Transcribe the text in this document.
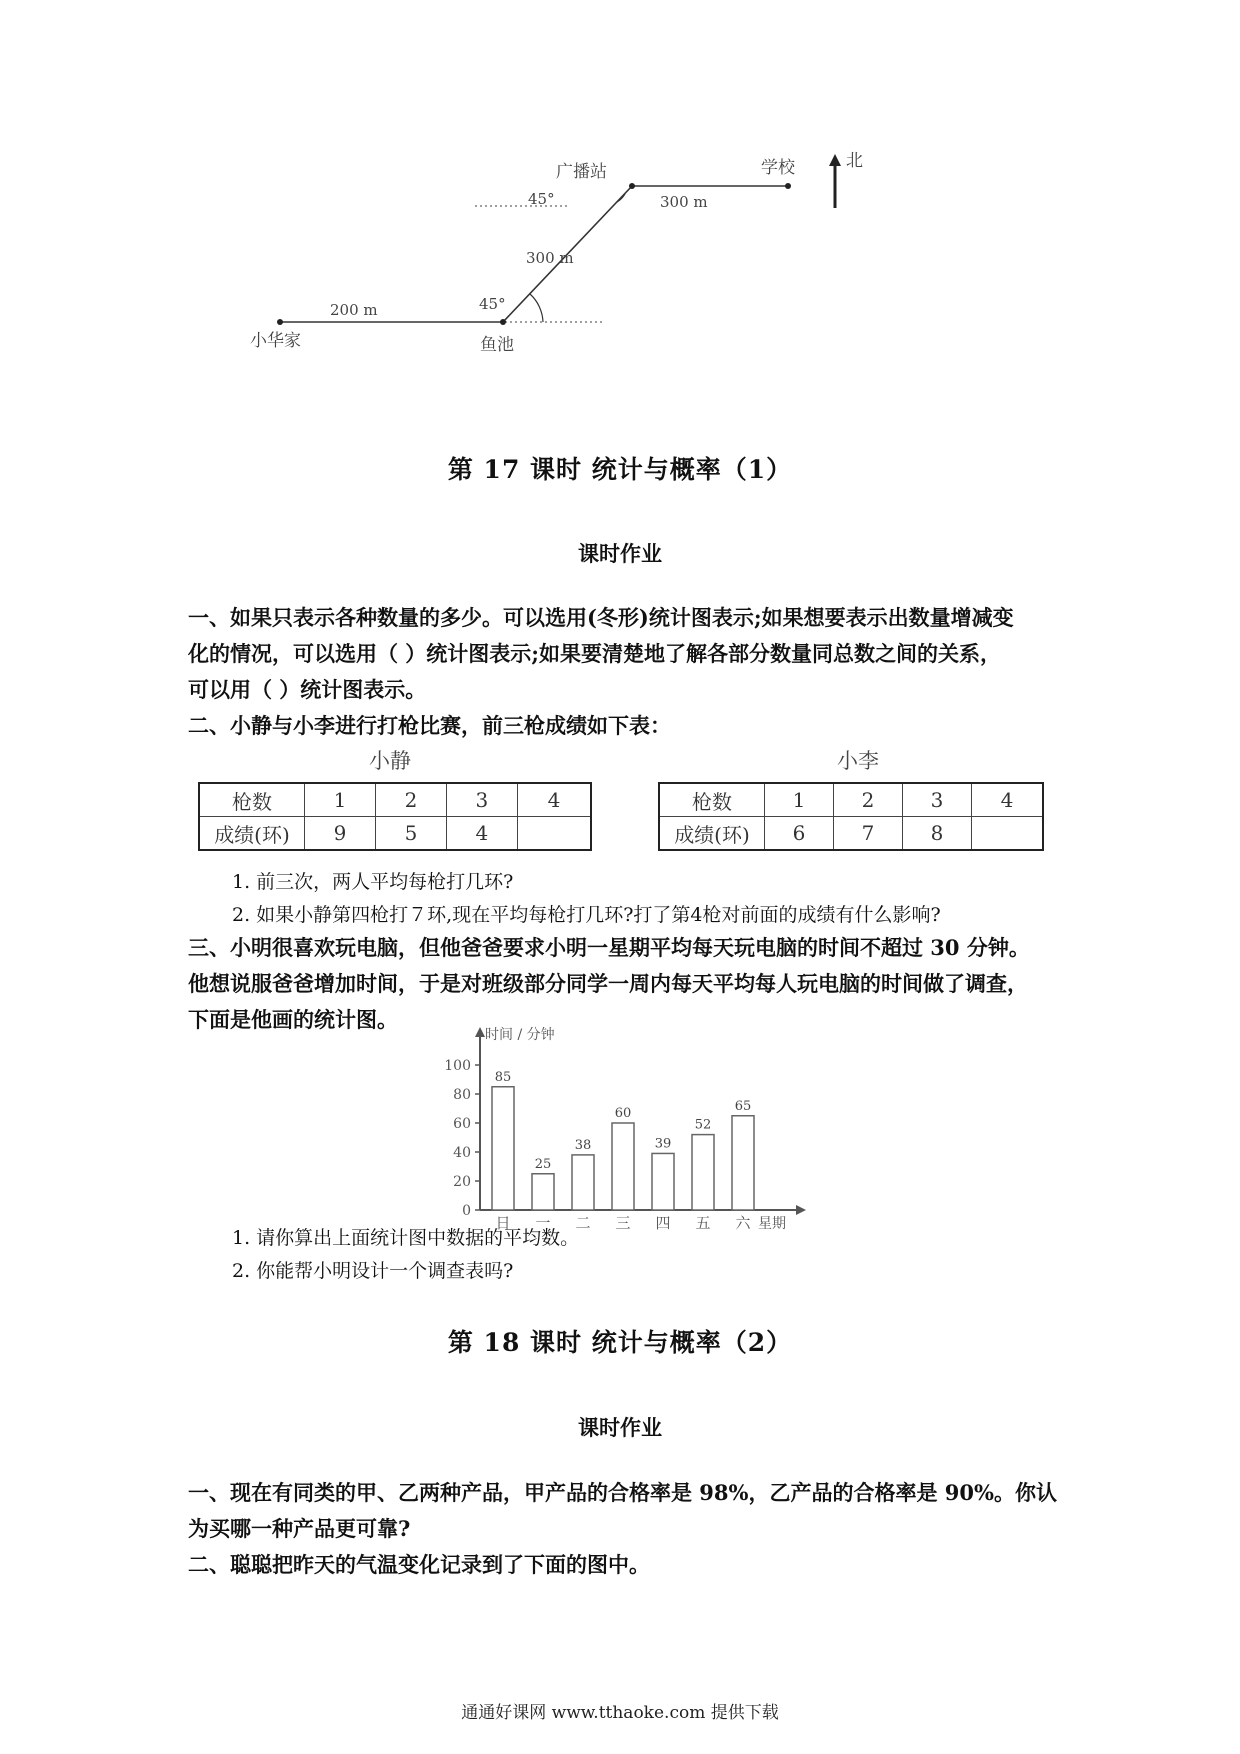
广播站	学校	北
45°	300 m
300 m
45°
200 m
小华家	鱼池
第 17 课时 统计与概率（1）
课时作业
一、如果只表示各种数量的多少。可以选用(冬形)统计图表示;如果想要表示出数量增减变
化的情况，可以选用（ ）统计图表示;如果要清楚地了解各部分数量同总数之间的关系，
可以用（ ）统计图表示。
二、小静与小李进行打枪比赛，前三枪成绩如下表：
小静	小李
枪数	1	2	3	4
成绩(环)	9	5	4	
枪数	1	2	3	4
成绩(环)	6	7	8	
1. 前三次，两人平均每枪打几环?
2. 如果小静第四枪打７环,现在平均每枪打几环?打了第4枪对前面的成绩有什么影响?
三、小明很喜欢玩电脑，但他爸爸要求小明一星期平均每天玩电脑的时间不超过 30 分钟。
他想说服爸爸增加时间，于是对班级部分同学一周内每天平均每人玩电脑的时间做了调查，
下面是他画的统计图。
时间 / 分钟
星期
0
20
40
60
80
100
85
日
25
一
38
二
60
三
39
四
52
五
65
六
1. 请你算出上面统计图中数据的平均数。
2. 你能帮小明设计一个调查表吗?
第 18 课时 统计与概率（2）
课时作业
一、现在有同类的甲、乙两种产品，甲产品的合格率是 98%，乙产品的合格率是 90%。你认
为买哪一种产品更可靠?
二、聪聪把昨天的气温变化记录到了下面的图中。
通通好课网 www.tthaoke.com 提供下载
